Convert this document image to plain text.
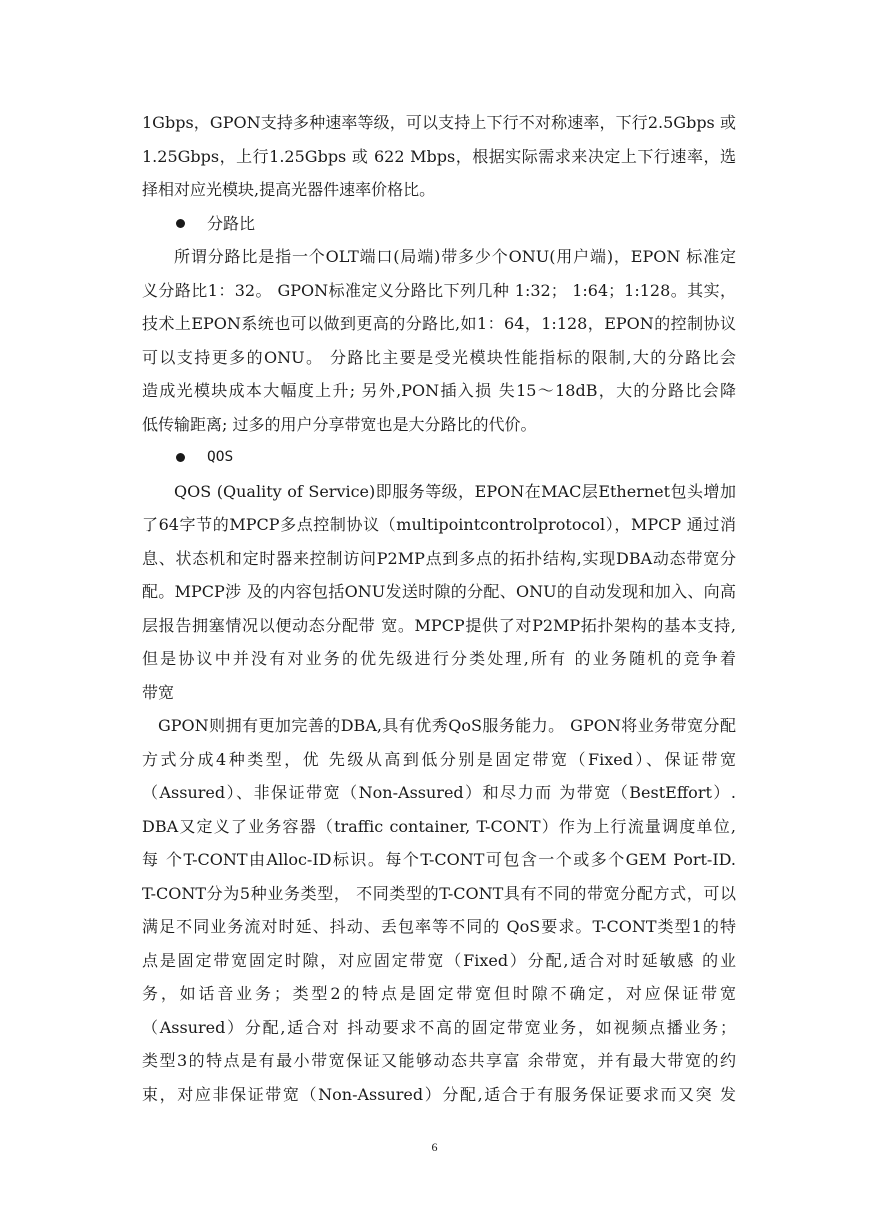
1Gbps，GPON支持多种速率等级，可以支持上下行不对称速率，下行2.5Gbps 或
1.25Gbps，上行1.25Gbps 或 622 Mbps，根据实际需求来决定上下行速率，选
择相对应光模块,提高光器件速率价格比。
分路比
所谓分路比是指一个OLT端口(局端)带多少个ONU(用户端)，EPON 标准定
义分路比1：32。 GPON标准定义分路比下列几种 1:32； 1:64；1:128。其实，
技术上EPON系统也可以做到更高的分路比,如1：64，1:128，EPON的控制协议
可以支持更多的ONU。 分路比主要是受光模块性能指标的限制,大的分路比会
造成光模块成本大幅度上升; 另外,PON插入损 失15～18dB，大的分路比会降
低传输距离; 过多的用户分享带宽也是大分路比的代价。
QOS
QOS (Quality of Service)即服务等级，EPON在MAC层Ethernet包头增加
了64字节的MPCP多点控制协议（multipointcontrolprotocol），MPCP 通过消
息、状态机和定时器来控制访问P2MP点到多点的拓扑结构,实现DBA动态带宽分
配。MPCP涉 及的内容包括ONU发送时隙的分配、ONU的自动发现和加入、向高
层报告拥塞情况以便动态分配带 宽。MPCP提供了对P2MP拓扑架构的基本支持,
但是协议中并没有对业务的优先级进行分类处理,所有 的业务随机的竞争着
带宽
GPON则拥有更加完善的DBA,具有优秀QoS服务能力。 GPON将业务带宽分配
方式分成4种类型，优 先级从高到低分别是固定带宽（Fixed）、保证带宽
（Assured）、非保证带宽（Non-Assured）和尽力而 为带宽（BestEffort）.
DBA又定义了业务容器（traffic container, T-CONT）作为上行流量调度单位,
每 个T-CONT由Alloc-ID标识。每个T-CONT可包含一个或多个GEM Port-ID.
T-CONT分为5种业务类型， 不同类型的T-CONT具有不同的带宽分配方式，可以
满足不同业务流对时延、抖动、丢包率等不同的 QoS要求。T-CONT类型1的特
点是固定带宽固定时隙，对应固定带宽（Fixed）分配,适合对时延敏感 的业
务，如话音业务；类型2的特点是固定带宽但时隙不确定，对应保证带宽
（Assured）分配,适合对 抖动要求不高的固定带宽业务，如视频点播业务；
类型3的特点是有最小带宽保证又能够动态共享富 余带宽，并有最大带宽的约
束，对应非保证带宽（Non-Assured）分配,适合于有服务保证要求而又突 发
6
